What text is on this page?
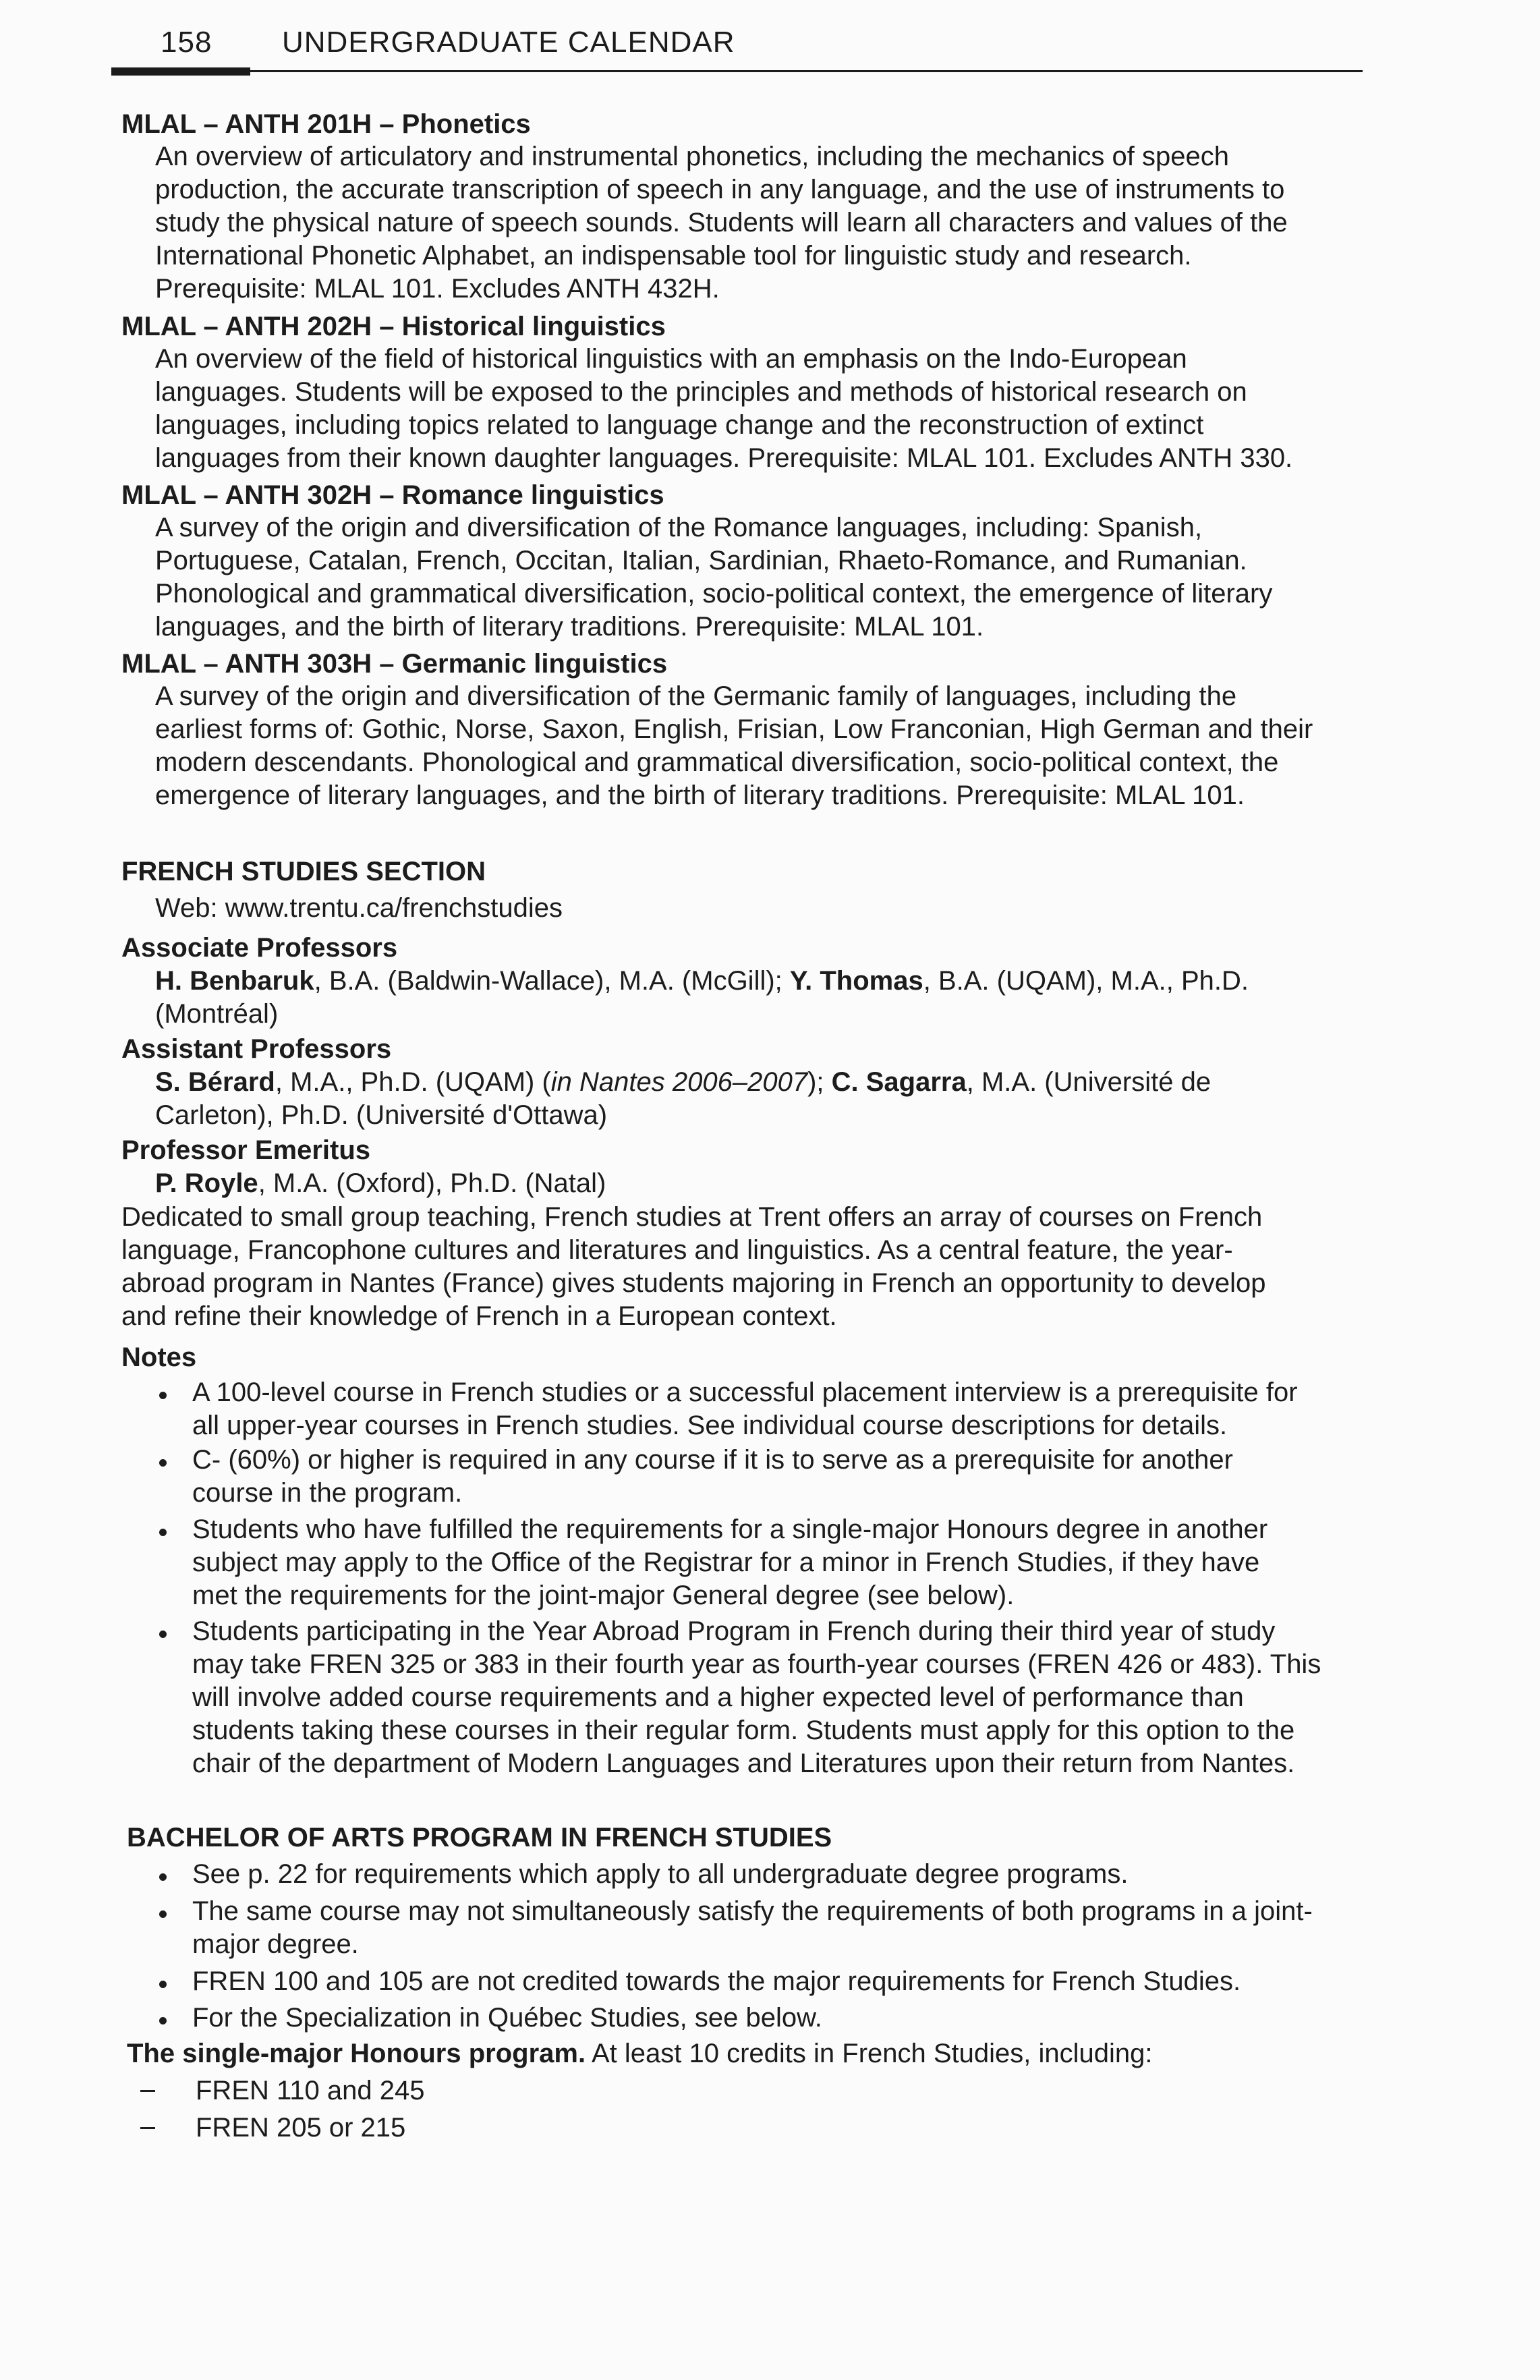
158 UNDERGRADUATE CALENDAR
MLAL – ANTH 201H – Phonetics
An overview of articulatory and instrumental phonetics, including the mechanics of speech
production, the accurate transcription of speech in any language, and the use of instruments to
study the physical nature of speech sounds. Students will learn all characters and values of the
International Phonetic Alphabet, an indispensable tool for linguistic study and research.
Prerequisite: MLAL 101. Excludes ANTH 432H.
MLAL – ANTH 202H – Historical linguistics
An overview of the field of historical linguistics with an emphasis on the Indo-European
languages. Students will be exposed to the principles and methods of historical research on
languages, including topics related to language change and the reconstruction of extinct
languages from their known daughter languages. Prerequisite: MLAL 101. Excludes ANTH 330.
MLAL – ANTH 302H – Romance linguistics
A survey of the origin and diversification of the Romance languages, including: Spanish,
Portuguese, Catalan, French, Occitan, Italian, Sardinian, Rhaeto-Romance, and Rumanian.
Phonological and grammatical diversification, socio-political context, the emergence of literary
languages, and the birth of literary traditions. Prerequisite: MLAL 101.
MLAL – ANTH 303H – Germanic linguistics
A survey of the origin and diversification of the Germanic family of languages, including the
earliest forms of: Gothic, Norse, Saxon, English, Frisian, Low Franconian, High German and their
modern descendants. Phonological and grammatical diversification, socio-political context, the
emergence of literary languages, and the birth of literary traditions. Prerequisite: MLAL 101.
FRENCH STUDIES SECTION
Web: www.trentu.ca/frenchstudies
Associate Professors
H. Benbaruk, B.A. (Baldwin-Wallace), M.A. (McGill); Y. Thomas, B.A. (UQAM), M.A., Ph.D.
(Montréal)
Assistant Professors
S. Bérard, M.A., Ph.D. (UQAM) (in Nantes 2006–2007); C. Sagarra, M.A. (Université de
Carleton), Ph.D. (Université d'Ottawa)
Professor Emeritus
P. Royle, M.A. (Oxford), Ph.D. (Natal)
Dedicated to small group teaching, French studies at Trent offers an array of courses on French
language, Francophone cultures and literatures and linguistics. As a central feature, the year-
abroad program in Nantes (France) gives students majoring in French an opportunity to develop
and refine their knowledge of French in a European context.
Notes
A 100-level course in French studies or a successful placement interview is a prerequisite for
all upper-year courses in French studies. See individual course descriptions for details.
C- (60%) or higher is required in any course if it is to serve as a prerequisite for another
course in the program.
Students who have fulfilled the requirements for a single-major Honours degree in another
subject may apply to the Office of the Registrar for a minor in French Studies, if they have
met the requirements for the joint-major General degree (see below).
Students participating in the Year Abroad Program in French during their third year of study
may take FREN 325 or 383 in their fourth year as fourth-year courses (FREN 426 or 483). This
will involve added course requirements and a higher expected level of performance than
students taking these courses in their regular form. Students must apply for this option to the
chair of the department of Modern Languages and Literatures upon their return from Nantes.
BACHELOR OF ARTS PROGRAM IN FRENCH STUDIES
See p. 22 for requirements which apply to all undergraduate degree programs.
The same course may not simultaneously satisfy the requirements of both programs in a joint-
major degree.
FREN 100 and 105 are not credited towards the major requirements for French Studies.
For the Specialization in Québec Studies, see below.
The single-major Honours program. At least 10 credits in French Studies, including:
FREN 110 and 245
FREN 205 or 215
